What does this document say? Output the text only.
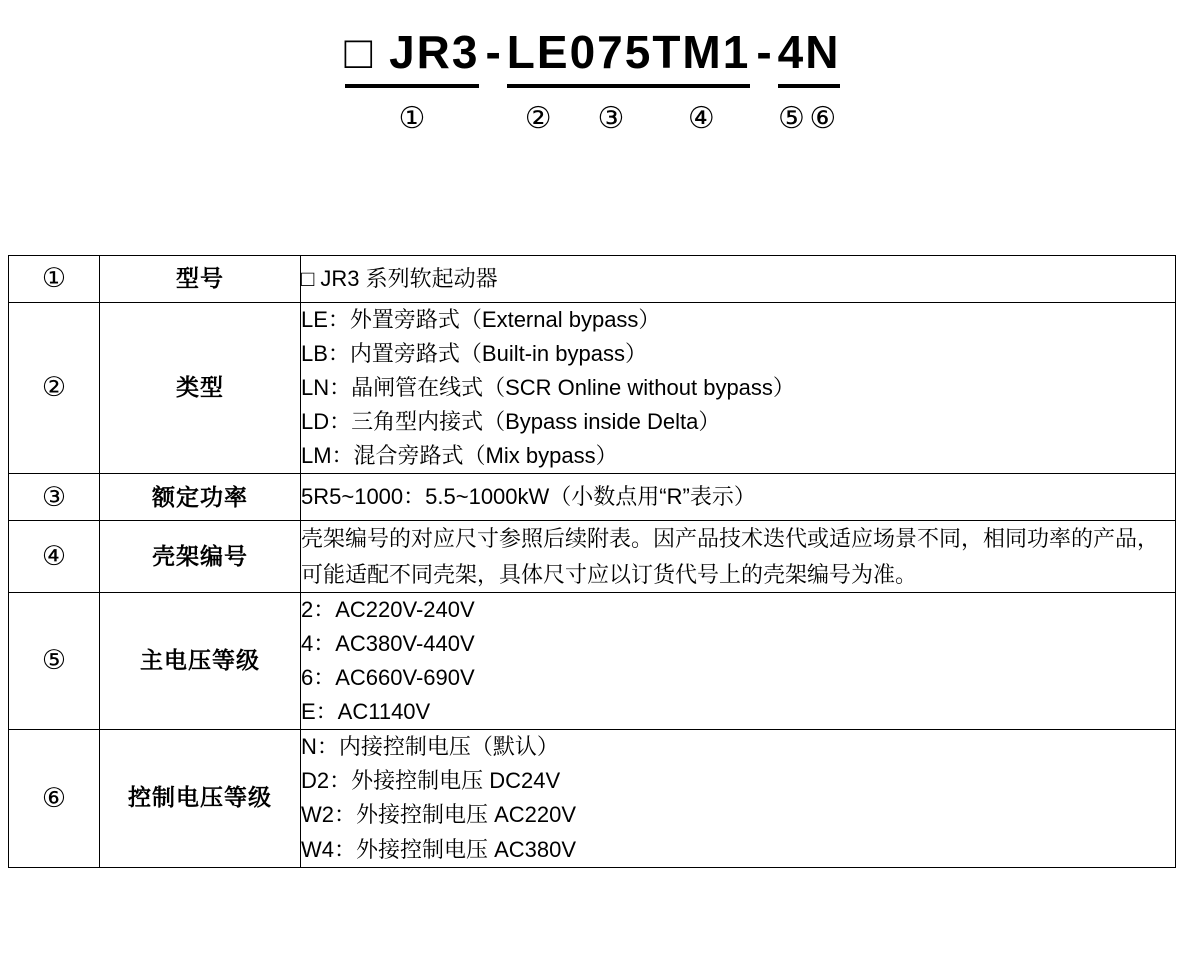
□ JR3
①
- LE
②
075
③
TM1
④
- 4
⑤
N
⑥
①	型号	□ JR3 系列软起动器

②	类型	LE：外置旁路式（External bypass）
LB：内置旁路式（Built-in bypass）
LN：晶闸管在线式（SCR Online without bypass）
LD：三角型内接式（Bypass inside Delta）
LM：混合旁路式（Mix bypass）

③	额定功率	5R5~1000：5.5~1000kW（小数点用“R”表示）

④	壳架编号	壳架编号的对应尺寸参照后续附表。因产品技术迭代或适应场景不同，相同功率的产品，可能适配不同壳架，具体尺寸应以订货代号上的壳架编号为准。

⑤	主电压等级	2：AC220V-240V
4：AC380V-440V
6：AC660V-690V
E：AC1140V

⑥	控制电压等级	N：内接控制电压（默认）
D2：外接控制电压 DC24V
W2：外接控制电压 AC220V
W4：外接控制电压 AC380V
